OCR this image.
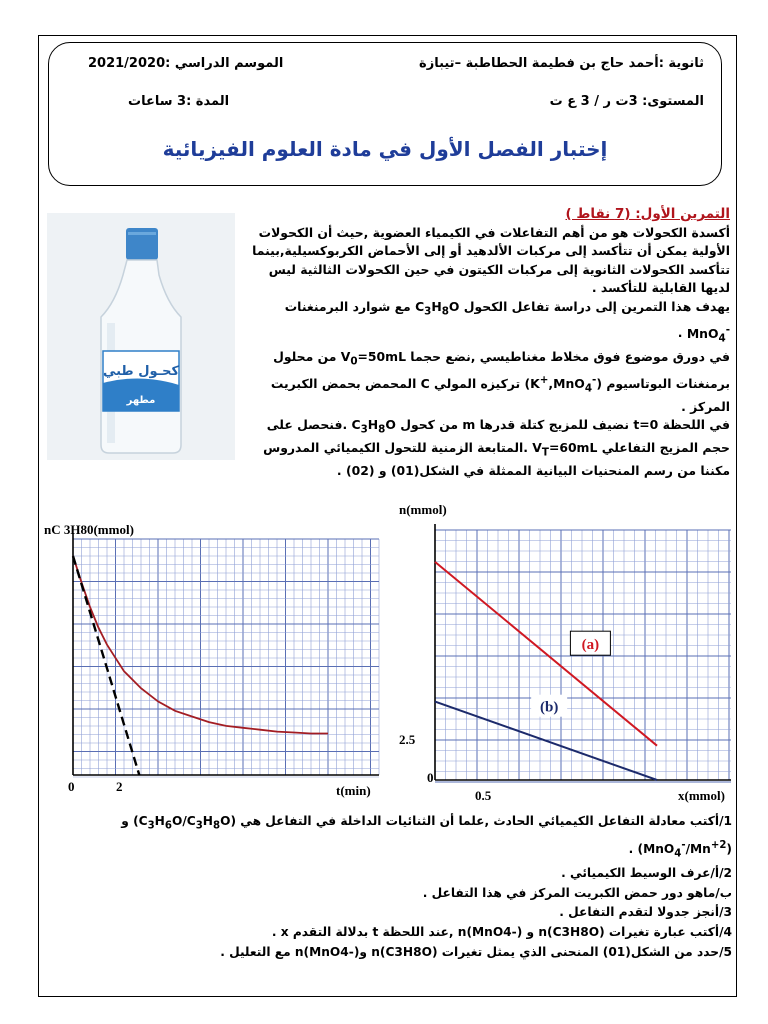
ثانوية :أحمد حاج بن فطيمة الحطاطبة –تيبازة
الموسم الدراسي :2021/2020
المستوى: 3ت ر / 3 ع ت
المدة :3 ساعات
إختبار الفصل الأول في مادة العلوم الفيزيائية
كحـول طبي
مطهر
التمرين الأول: (7 نقاط )
أكسدة الكحولات هو من أهم التفاعلات في الكيمياء العضوية ,حيث أن الكحولات الأولية يمكن أن تتأكسد إلى مركبات الألدهيد أو إلى الأحماض الكربوكسيلية,بينما تتأكسد الكحولات الثانوية إلى مركبات الكيتون في حين الكحولات الثالثية ليس لديها القابلية للتأكسد .
يهدف هذا التمرين إلى دراسة تفاعل الكحول $C_3H_8O$ مع شوارد البرمنغنات MnO$_4$- .
في دورق موضوع فوق مخلاط مغناطيسي ,نضع حجما $V_0=50mL$ من محلول برمنغنات البوتاسيوم (K+,MnO$_4$-) تركيزه المولي C المحمض بحمض الكبريت المركز .
في اللحظة t=0 نضيف للمزيج كتلة قدرها m من كحول $C_3H_8O$ .فنحصل على حجم المزيج التفاعلي $V_T=60mL$ .المتابعة الزمنية للتحول الكيميائي المدروس مكننا من رسم المنحنيات البيانية الممثلة في الشكل(01) و (02) .
nC 3H80(mmol)
t(min)
0	2
(a)
(b)
n(mmol)
x(mmol)
2.5
0
0.5
1/أكتب معادلة التفاعل الكيميائي الحادث ,علما أن الثنائيات الداخلة في التفاعل هي $(C_3H_6O/C_3H_8O)$ و
$(MnO_4^-/Mn^{+2})$ .
2/أ/عرف الوسيط الكيميائي .
ب/ماهو دور حمض الكبريت المركز في هذا التفاعل .
3/أنجز جدولا لتقدم التفاعل .
4/أكتب عبارة تغيرات n(C3H8O) و n(MnO4-) ,عند اللحظة t بدلالة التقدم x .
5/حدد من الشكل(01) المنحنى الذي يمثل تغيرات n(C3H8O) وn(MnO4-) مع التعليل .
